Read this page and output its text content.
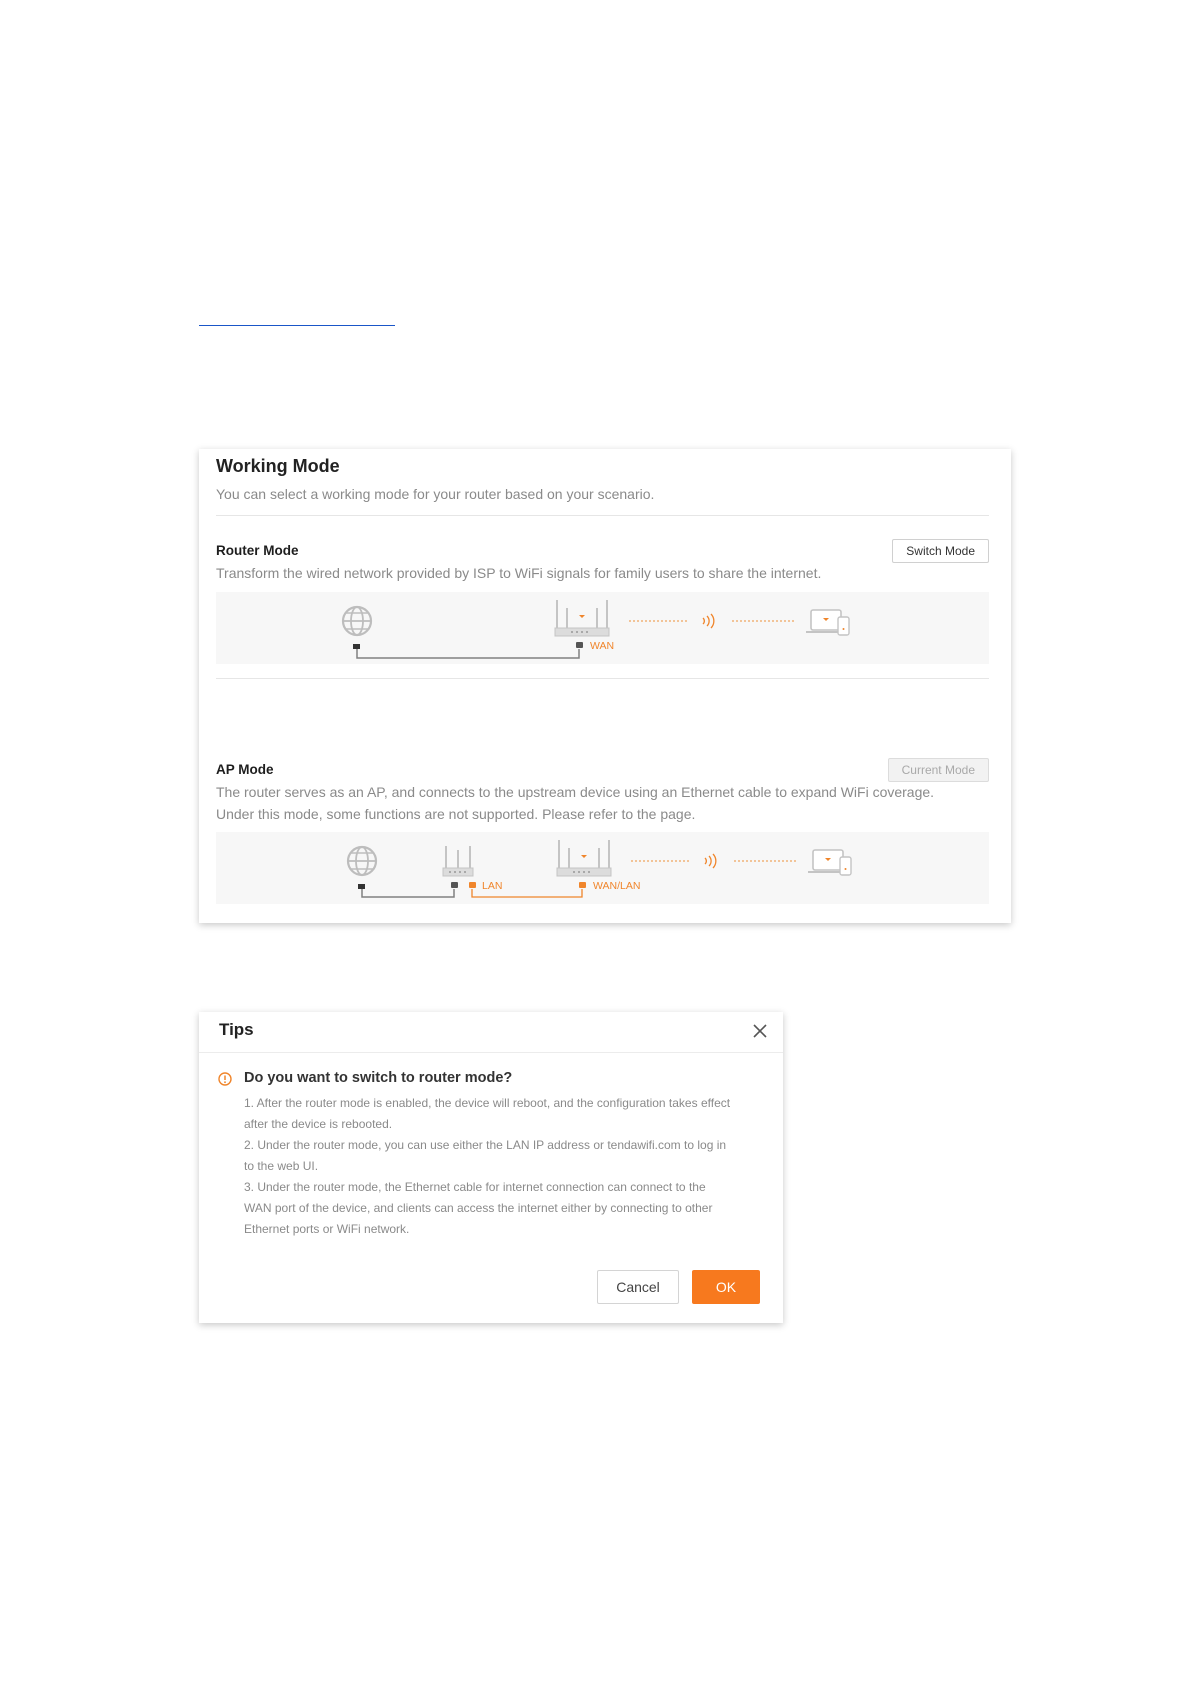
Working Mode
You can select a working mode for your router based on your scenario.
Router Mode	Switch Mode
Transform the wired network provided by ISP to WiFi signals for family users to share the internet.
WAN
AP Mode	Current Mode
The router serves as an AP, and connects to the upstream device using an Ethernet cable to expand WiFi coverage.
Under this mode, some functions are not supported. Please refer to the page.
LAN	WAN/LAN
Tips
Do you want to switch to router mode?
1. After the router mode is enabled, the device will reboot, and the configuration takes effect
after the device is rebooted.
2. Under the router mode, you can use either the LAN IP address or tendawifi.com to log in
to the web UI.
3. Under the router mode, the Ethernet cable for internet connection can connect to the
WAN port of the device, and clients can access the internet either by connecting to other
Ethernet ports or WiFi network.
Cancel	OK
